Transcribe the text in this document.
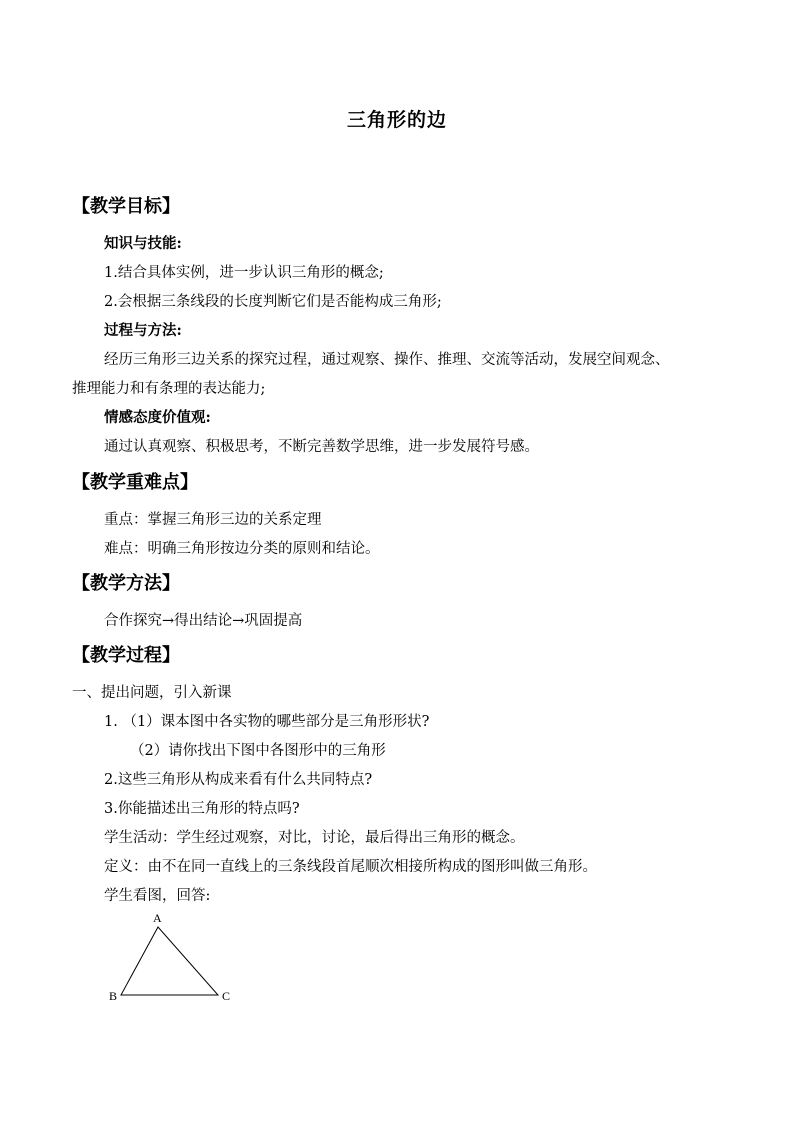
三角形的边
【教学目标】
知识与技能:
1.结合具体实例，进一步认识三角形的概念;
2.会根据三条线段的长度判断它们是否能构成三角形;
过程与方法:
经历三角形三边关系的探究过程，通过观察、操作、推理、交流等活动，发展空间观念、
推理能力和有条理的表达能力;
情感态度价值观:
通过认真观察、积极思考，不断完善数学思维，进一步发展符号感。
【教学重难点】
重点：掌握三角形三边的关系定理
难点：明确三角形按边分类的原则和结论。
【教学方法】
合作探究→得出结论→巩固提高
【教学过程】
一、提出问题，引入新课
1. （1）课本图中各实物的哪些部分是三角形形状?
（2）请你找出下图中各图形中的三角形
2.这些三角形从构成来看有什么共同特点?
3.你能描述出三角形的特点吗?
学生活动：学生经过观察，对比，讨论，最后得出三角形的概念。
定义：由不在同一直线上的三条线段首尾顺次相接所构成的图形叫做三角形。
学生看图，回答:
A
B	C
